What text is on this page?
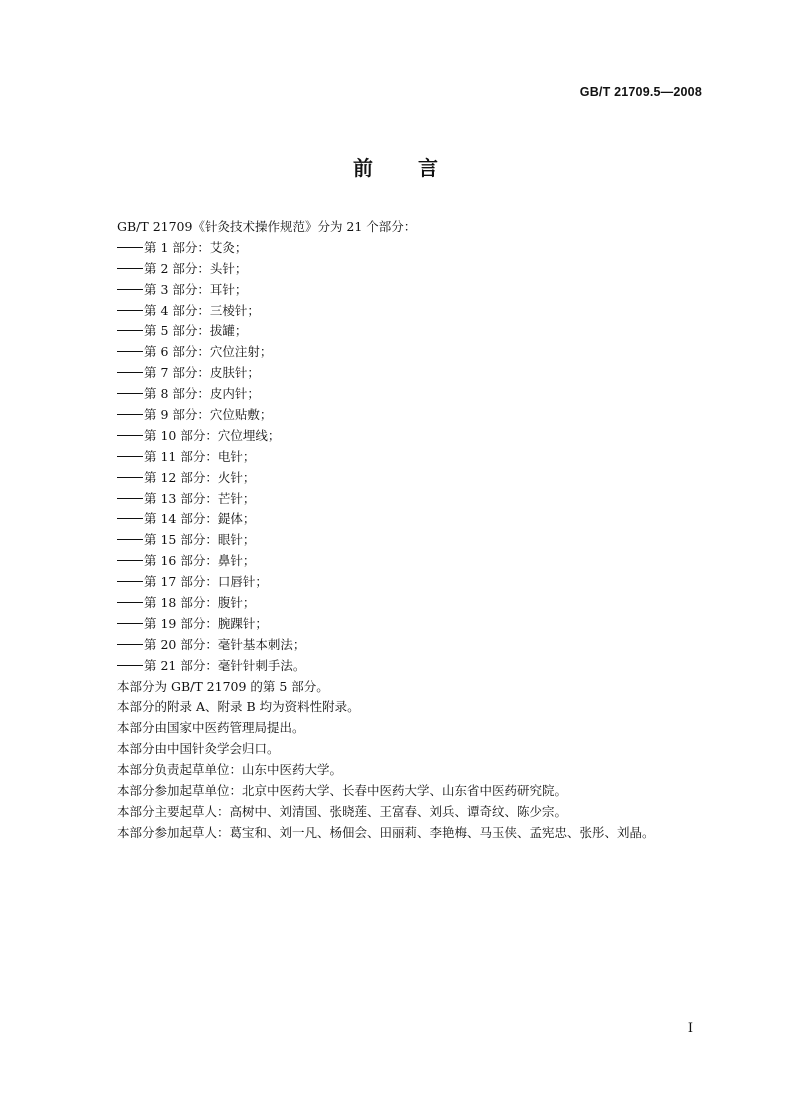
GB/T 21709.5—2008
前 言
GB/T 21709《针灸技术操作规范》分为 21 个部分：
第 1 部分：艾灸；
第 2 部分：头针；
第 3 部分：耳针；
第 4 部分：三棱针；
第 5 部分：拔罐；
第 6 部分：穴位注射；
第 7 部分：皮肤针；
第 8 部分：皮内针；
第 9 部分：穴位贴敷；
第 10 部分：穴位埋线；
第 11 部分：电针；
第 12 部分：火针；
第 13 部分：芒针；
第 14 部分：鍉体；
第 15 部分：眼针；
第 16 部分：鼻针；
第 17 部分：口唇针；
第 18 部分：腹针；
第 19 部分：腕踝针；
第 20 部分：毫针基本刺法；
第 21 部分：毫针针刺手法。
本部分为 GB/T 21709 的第 5 部分。
本部分的附录 A、附录 B 均为资料性附录。
本部分由国家中医药管理局提出。
本部分由中国针灸学会归口。
本部分负责起草单位：山东中医药大学。
本部分参加起草单位：北京中医药大学、长春中医药大学、山东省中医药研究院。
本部分主要起草人：高树中、刘清国、张晓莲、王富春、刘兵、谭奇纹、陈少宗。
本部分参加起草人：葛宝和、刘一凡、杨佃会、田丽莉、李艳梅、马玉侠、孟宪忠、张彤、刘晶。
I
